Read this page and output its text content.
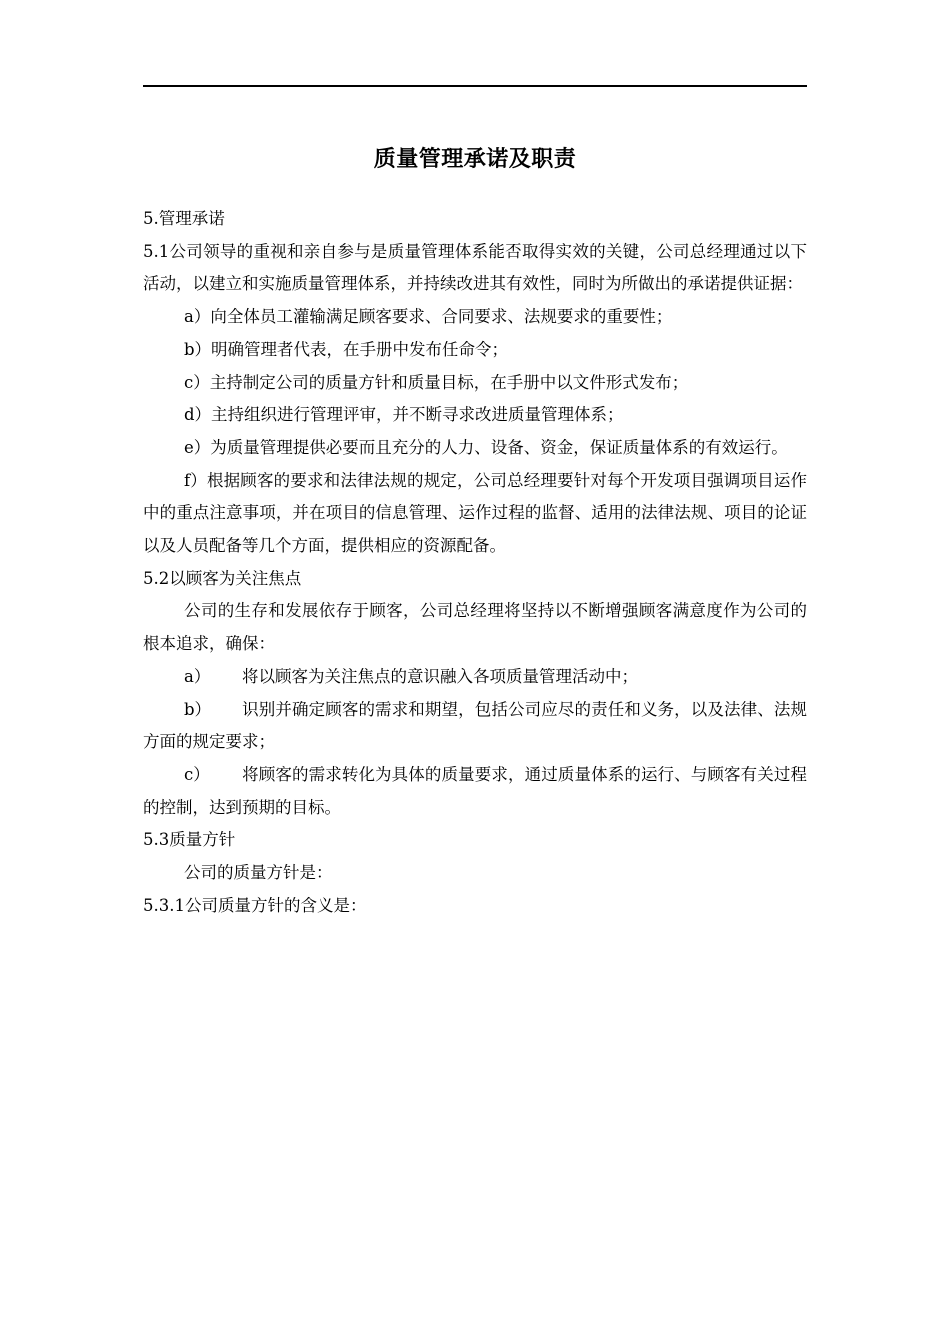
质量管理承诺及职责

5.管理承诺

5.1公司领导的重视和亲自参与是质量管理体系能否取得实效的关键，公司总经理通过以下活动，以建立和实施质量管理体系，并持续改进其有效性，同时为所做出的承诺提供证据：

a）向全体员工灌输满足顾客要求、合同要求、法规要求的重要性；

b）明确管理者代表，在手册中发布任命令；

c）主持制定公司的质量方针和质量目标，在手册中以文件形式发布；

d）主持组织进行管理评审，并不断寻求改进质量管理体系；

e）为质量管理提供必要而且充分的人力、设备、资金，保证质量体系的有效运行。

f）根据顾客的要求和法律法规的规定，公司总经理要针对每个开发项目强调项目运作中的重点注意事项，并在项目的信息管理、运作过程的监督、适用的法律法规、项目的论证以及人员配备等几个方面，提供相应的资源配备。

5.2以顾客为关注焦点

公司的生存和发展依存于顾客，公司总经理将坚持以不断增强顾客满意度作为公司的根本追求，确保：

a） 将以顾客为关注焦点的意识融入各项质量管理活动中；

b） 识别并确定顾客的需求和期望，包括公司应尽的责任和义务，以及法律、法规方面的规定要求；

c） 将顾客的需求转化为具体的质量要求，通过质量体系的运行、与顾客有关过程的控制，达到预期的目标。

5.3质量方针

公司的质量方针是：

5.3.1公司质量方针的含义是：
